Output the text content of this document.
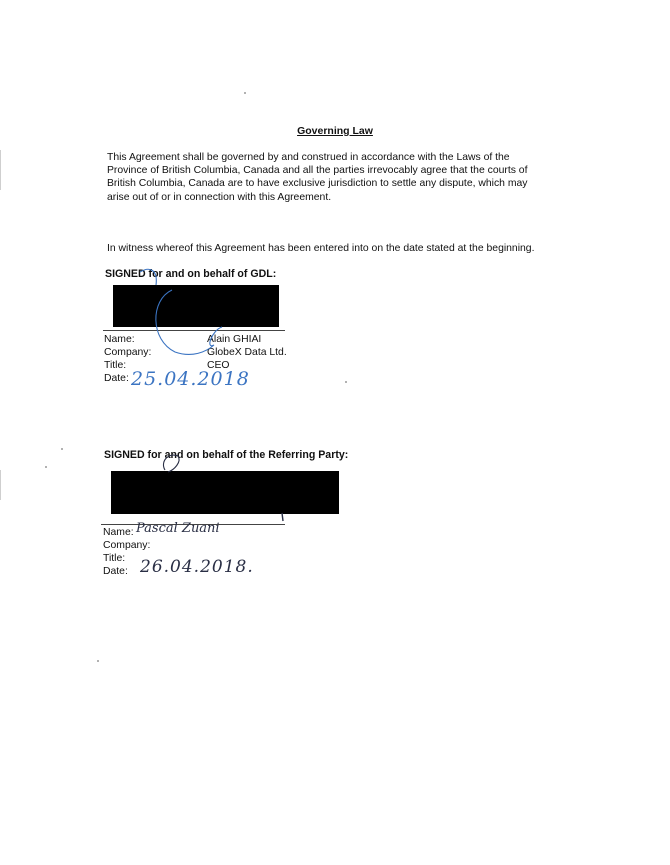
Governing Law
This Agreement shall be governed by and construed in accordance with the Laws of the
Province of British Columbia, Canada and all the parties irrevocably agree that the courts of
British Columbia, Canada are to have exclusive jurisdiction to settle any dispute, which may
arise out of or in connection with this Agreement.
In witness whereof this Agreement has been entered into on the date stated at the beginning.
SIGNED for and on behalf of GDL:
Name:
Company:
Title:
Date:
Alain GHIAI
GlobeX Data Ltd.
CEO
25.04.2018
SIGNED for and on behalf of the Referring Party:
Name:
Company:
Title:
Date:
Pascal Zuani
26.04.2018.
